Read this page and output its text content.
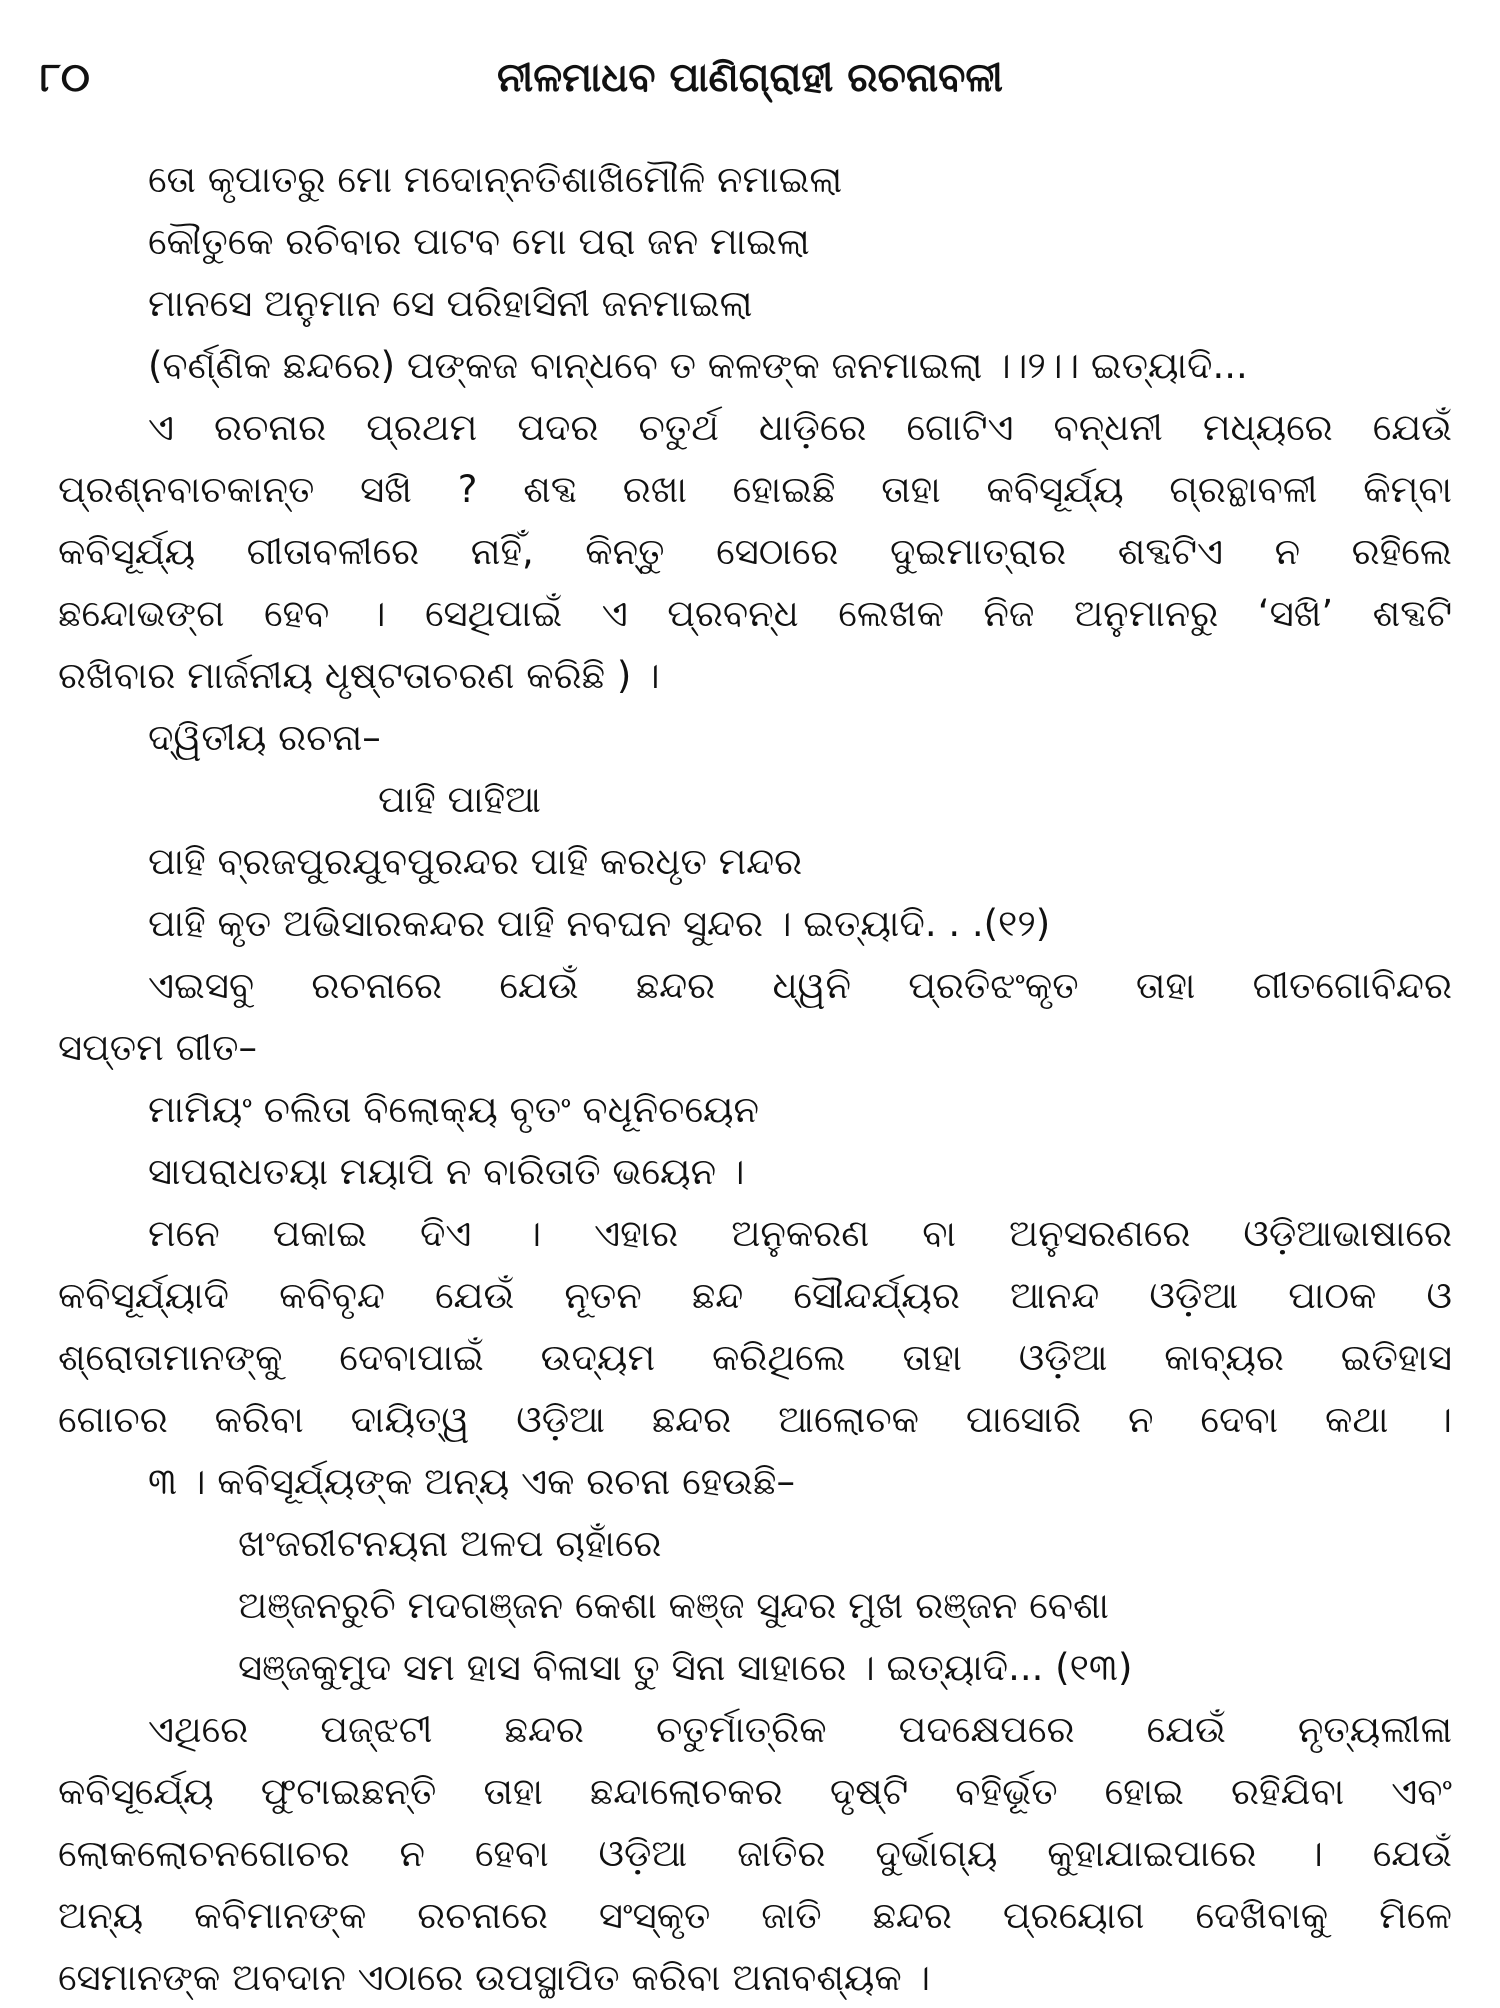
୮୦	ନୀଳମାଧବ ପାଣିଗ୍ରାହୀ ରଚନାବଳୀ
ତୋ କୃପାତରୁ ମୋ ମଦୋନ୍ନତିଶାଖିମୌଳି ନମାଇଲା
କୌତୁକେ ରଚିବାର ପାଟବ ମୋ ପରା ଜନ ମାଇଲା
ମାନସେ ଅନୁମାନ ସେ ପରିହାସିନୀ ଜନମାଇଲା
(ବର୍ଣ୍ଣିକ ଛନ୍ଦରେ) ପଙ୍କଜ ବାନ୍ଧବେ ତ କଳଙ୍କ ଜନମାଇଲା ।।୨।। ଇତ୍ୟାଦି...
ଏ ରଚନାର ପ୍ରଥମ ପଦର ଚତୁର୍ଥ ଧାଡ଼ିରେ ଗୋଟିଏ ବନ୍ଧନୀ ମଧ୍ୟରେ ଯେଉଁ
ପ୍ରଶ୍ନବାଚକାନ୍ତ ସଖି ? ଶବ୍ଦ ରଖା ହୋଇଛି ତାହା କବିସୂର୍ଯ୍ୟ ଗ୍ରନ୍ଥାବଳୀ କିମ୍ବା
କବିସୂର୍ଯ୍ୟ ଗୀତାବଳୀରେ ନାହିଁ, କିନ୍ତୁ ସେଠାରେ ଦୁଇମାତ୍ରାର ଶବ୍ଦଟିଏ ନ ରହିଲେ
ଛନ୍ଦୋଭଙ୍ଗ ହେବ । ସେଥିପାଇଁ ଏ ପ୍ରବନ୍ଧ ଲେଖକ ନିଜ ଅନୁମାନରୁ ‘ସଖି’ ଶବ୍ଦଟି
ରଖିବାର ମାର୍ଜନୀୟ ଧୃଷ୍ଟତାଚରଣ କରିଛି ) ।
ଦ୍ୱିତୀୟ ରଚନା–
ପାହି ପାହିଆ
ପାହି ବ୍ରଜପୁରଯୁବପୁରନ୍ଦର ପାହି କରଧୃତ ମନ୍ଦର
ପାହି କୃତ ଅଭିସାରକନ୍ଦର ପାହି ନବଘନ ସୁନ୍ଦର । ଇତ୍ୟାଦି. . .(୧୨)
ଏଇସବୁ ରଚନାରେ ଯେଉଁ ଛନ୍ଦର ଧ୍ୱନି ପ୍ରତିଝଂକୃତ ତାହା ଗୀତଗୋବିନ୍ଦର
ସପ୍ତମ ଗୀତ–
ମାମିୟଂ ଚଲିତା ବିଲୋକ୍ୟ ବୃତଂ ବଧୂନିଚୟେନ
ସାପରାଧତୟା ମୟାପି ନ ବାରିତାତି ଭୟେନ ।
ମନେ ପକାଇ ଦିଏ । ଏହାର ଅନୁକରଣ ବା ଅନୁସରଣରେ ଓଡ଼ିଆଭାଷାରେ
କବିସୂର୍ଯ୍ୟାଦି କବିବୃନ୍ଦ ଯେଉଁ ନୂତନ ଛନ୍ଦ ସୌନ୍ଦର୍ଯ୍ୟର ଆନନ୍ଦ ଓଡ଼ିଆ ପାଠକ ଓ
ଶ୍ରୋତାମାନଙ୍କୁ ଦେବାପାଇଁ ଉଦ୍ୟମ କରିଥିଲେ ତାହା ଓଡ଼ିଆ କାବ୍ୟର ଇତିହାସ
ଗୋଚର କରିବା ଦାୟିତ୍ୱ ଓଡ଼ିଆ ଛନ୍ଦର ଆଲୋଚକ ପାସୋରି ନ ଦେବା କଥା ।
୩ । କବିସୂର୍ଯ୍ୟଙ୍କ ଅନ୍ୟ ଏକ ରଚନା ହେଉଛି–
ଖଂଜରୀଟନୟନା ଅଳପ ଚାହାଁରେ
ଅଞ୍ଜନରୁଚି ମଦଗଞ୍ଜନ କେଶା କଞ୍ଜ ସୁନ୍ଦର ମୁଖ ରଞ୍ଜନ ବେଶା
ସଞ୍ଜକୁମୁଦ ସମ ହାସ ବିଳାସା ତୁ ସିନା ସାହାରେ । ଇତ୍ୟାଦି... (୧୩)
ଏଥିରେ ପଜ୍ଝଟୀ ଛନ୍ଦର ଚତୁର୍ମାତ୍ରିକ ପଦକ୍ଷେପରେ ଯେଉଁ ନୃତ୍ୟଲୀଳା
କବିସୂର୍ଯ୍ୟେ ଫୁଟାଇଛନ୍ତି ତାହା ଛନ୍ଦାଲୋଚକର ଦୃଷ୍ଟି ବହିର୍ଭୂତ ହୋଇ ରହିଯିବା ଏବଂ
ଲୋକଲୋଚନଗୋଚର ନ ହେବା ଓଡ଼ିଆ ଜାତିର ଦୁର୍ଭାଗ୍ୟ କୁହାଯାଇପାରେ । ଯେଉଁ
ଅନ୍ୟ କବିମାନଙ୍କ ରଚନାରେ ସଂସ୍କୃତ ଜାତି ଛନ୍ଦର ପ୍ରୟୋଗ ଦେଖିବାକୁ ମିଳେ
ସେମାନଙ୍କ ଅବଦାନ ଏଠାରେ ଉପସ୍ଥାପିତ କରିବା ଅନାବଶ୍ୟକ ।
